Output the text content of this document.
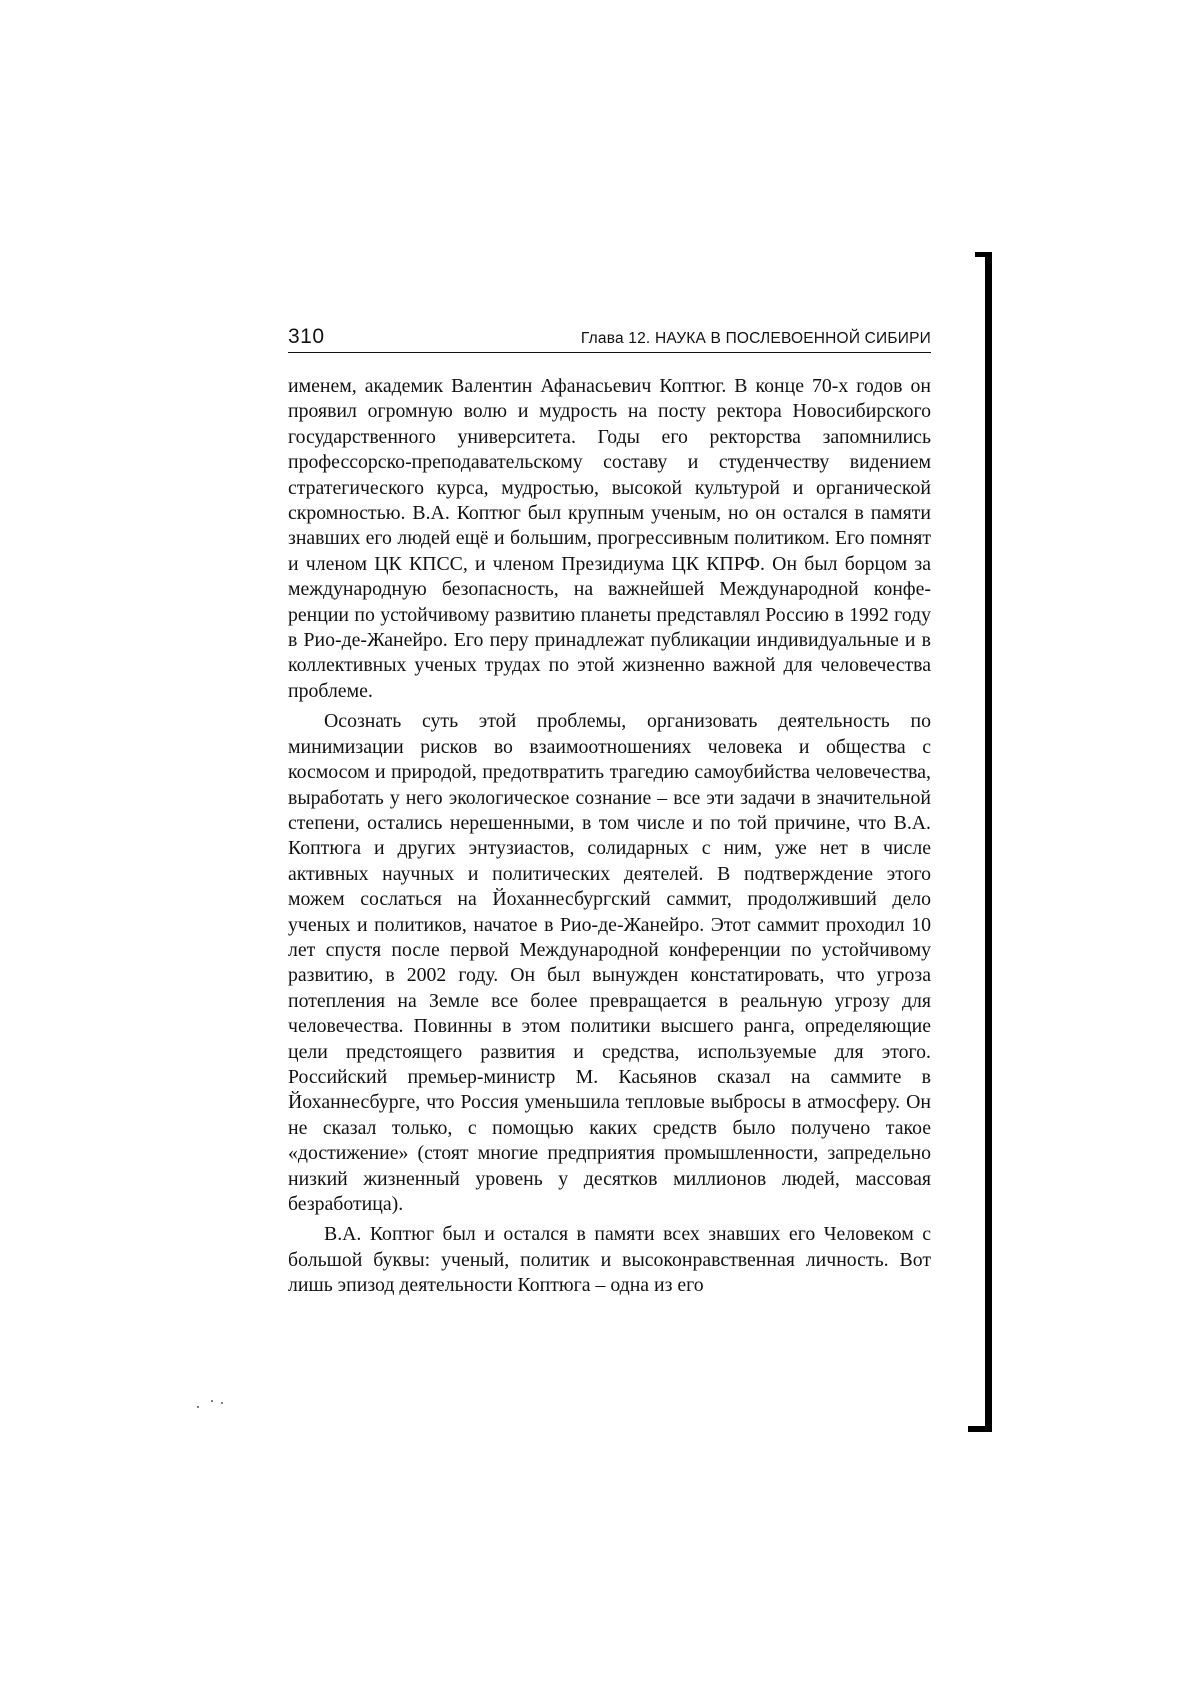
310	Глава 12. НАУКА В ПОСЛЕВОЕННОЙ СИБИРИ

именем, академик Валентин Афанасьевич Коптюг. В конце 70-х годов он проявил огромную волю и мудрость на посту ректора Новосибирского государственного университета. Годы его ректорства запомнились профессорско-преподавательскому составу и студенчеству видением стратегического курса, мудростью, высокой культурой и органической скромностью. В.А. Коптюг был крупным ученым, но он остался в памяти знавших его людей ещё и большим, прогрессивным политиком. Его помнят и членом ЦК КПСС, и членом Президиума ЦК КПРФ. Он был борцом за международную безопасность, на важнейшей Международной конференции по устойчивому развитию планеты представлял Россию в 1992 году в Рио-де-Жанейро. Его перу принадлежат публикации индивидуальные и в коллективных ученых трудах по этой жизненно важной для человечества проблеме.

Осознать суть этой проблемы, организовать деятельность по минимизации рисков во взаимоотношениях человека и общества с космосом и природой, предотвратить трагедию самоубийства человечества, выработать у него экологическое сознание – все эти задачи в значительной степени, остались нерешенными, в том числе и по той причине, что В.А. Коптюга и других энтузиастов, солидарных с ним, уже нет в числе активных научных и политических деятелей. В подтверждение этого можем сослаться на Йоханнесбургский саммит, продолживший дело ученых и политиков, начатое в Рио-де-Жанейро. Этот саммит проходил 10 лет спустя после первой Международной конференции по устойчивому развитию, в 2002 году. Он был вынужден констатировать, что угроза потепления на Земле все более превращается в реальную угрозу для человечества. Повинны в этом политики высшего ранга, определяющие цели предстоящего развития и средства, используемые для этого. Российский премьер-министр М. Касьянов сказал на саммите в Йоханнесбурге, что Россия уменьшила тепловые выбросы в атмосферу. Он не сказал только, с помощью каких средств было получено такое «достижение» (стоят многие предприятия промышленности, запредельно низкий жизненный уровень у десятков миллионов людей, массовая безработица).

В.А. Коптюг был и остался в памяти всех знавших его Человеком с большой буквы: ученый, политик и высоконравственная личность. Вот лишь эпизод деятельности Коптюга – одна из его
